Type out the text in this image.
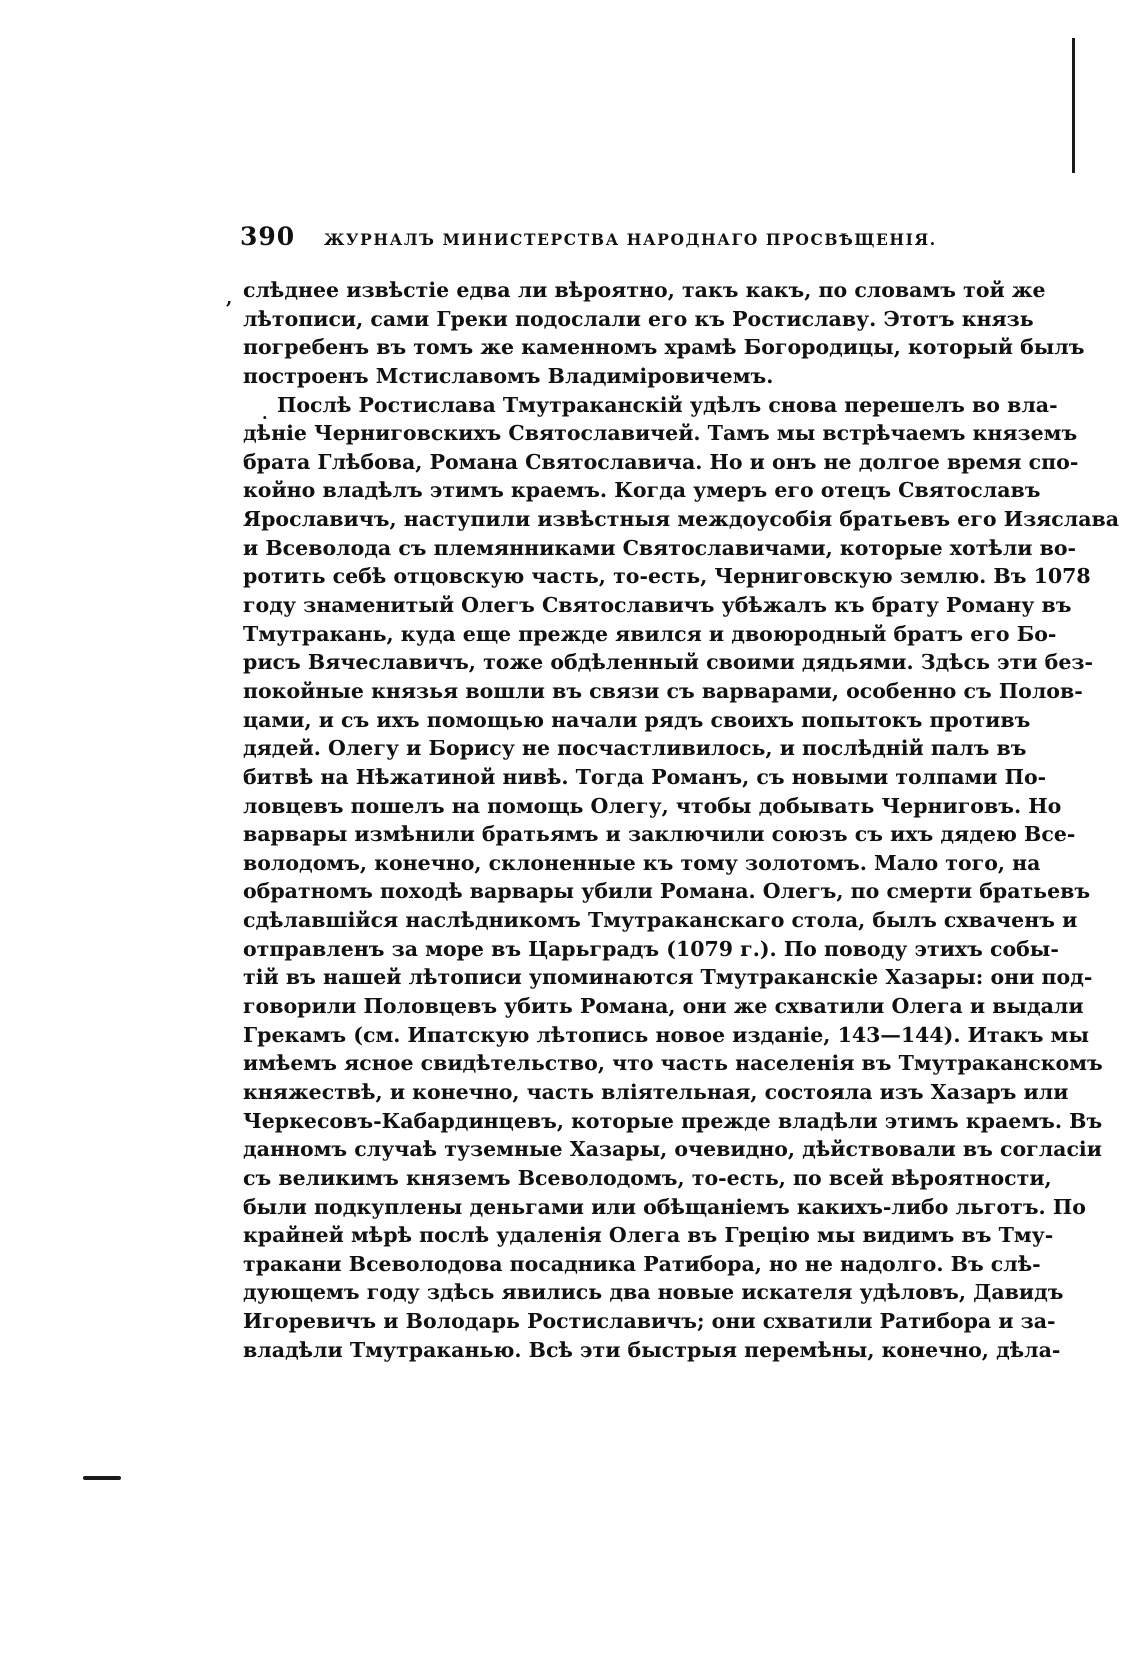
390 ЖУРНАЛЪ МИНИСТЕРСТВА НАРОДНАГО ПРОСВѢЩЕНІЯ.
,
.
слѣднее извѣстіе едва ли вѣроятно, такъ какъ, по словамъ той же
лѣтописи, сами Греки подослали его къ Ростиславу. Этотъ князь
погребенъ въ томъ же каменномъ храмѣ Богородицы, который былъ
построенъ Мстиславомъ Владиміровичемъ.
Послѣ Ростислава Тмутраканскій удѣлъ снова перешелъ во вла-
дѣніе Черниговскихъ Святославичей. Тамъ мы встрѣчаемъ княземъ
брата Глѣбова, Романа Святославича. Но и онъ не долгое время спо-
койно владѣлъ этимъ краемъ. Когда умеръ его отецъ Святославъ
Ярославичъ, наступили извѣстныя междоусобія братьевъ его Изяслава
и Всеволода съ племянниками Святославичами, которые хотѣли во-
ротить себѣ отцовскую часть, то-есть, Черниговскую землю. Въ 1078
году знаменитый Олегъ Святославичъ убѣжалъ къ брату Роману въ
Тмутракань, куда еще прежде явился и двоюродный братъ его Бо-
рисъ Вячеславичъ, тоже обдѣленный своими дядьями. Здѣсь эти без-
покойные князья вошли въ связи съ варварами, особенно съ Полов-
цами, и съ ихъ помощью начали рядъ своихъ попытокъ противъ
дядей. Олегу и Борису не посчастливилось, и послѣдній палъ въ
битвѣ на Нѣжатиной нивѣ. Тогда Романъ, съ новыми толпами По-
ловцевъ пошелъ на помощь Олегу, чтобы добывать Черниговъ. Но
варвары измѣнили братьямъ и заключили союзъ съ ихъ дядею Все-
володомъ, конечно, склоненные къ тому золотомъ. Мало того, на
обратномъ походѣ варвары убили Романа. Олегъ, по смерти братьевъ
сдѣлавшійся наслѣдникомъ Тмутраканскаго стола, былъ схваченъ и
отправленъ за море въ Царьградъ (1079 г.). По поводу этихъ собы-
тій въ нашей лѣтописи упоминаются Тмутраканскіе Хазары: они под-
говорили Половцевъ убить Романа, они же схватили Олега и выдали
Грекамъ (см. Ипатскую лѣтопись новое изданіе, 143—144). Итакъ мы
имѣемъ ясное свидѣтельство, что часть населенія въ Тмутраканскомъ
княжествѣ, и конечно, часть вліятельная, состояла изъ Хазаръ или
Черкесовъ-Кабардинцевъ, которые прежде владѣли этимъ краемъ. Въ
данномъ случаѣ туземные Хазары, очевидно, дѣйствовали въ согласіи
съ великимъ княземъ Всеволодомъ, то-есть, по всей вѣроятности,
были подкуплены деньгами или обѣщаніемъ какихъ-либо льготъ. По
крайней мѣрѣ послѣ удаленія Олега въ Грецію мы видимъ въ Тму-
тракани Всеволодова посадника Ратибора, но не надолго. Въ слѣ-
дующемъ году здѣсь явились два новые искателя удѣловъ, Давидъ
Игоревичъ и Володарь Ростиславичъ; они схватили Ратибора и за-
владѣли Тмутраканью. Всѣ эти быстрыя перемѣны, конечно, дѣла-
